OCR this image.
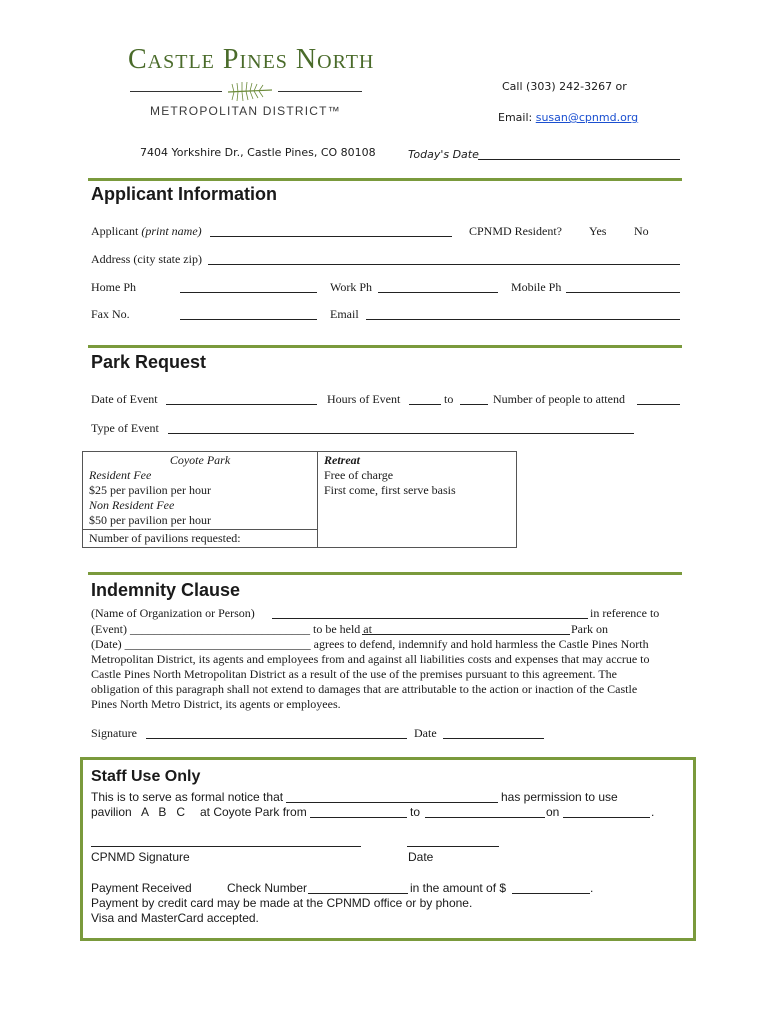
Castle Pines North
METROPOLITAN DISTRICT™
Call (303) 242-3267 or
Email: susan@cpnmd.org
7404 Yorkshire Dr., Castle Pines, CO 80108	Today's Date
Applicant Information
Applicant (print name)	CPNMD Resident? Yes No
Address (city state zip)
Home Ph	Work Ph	Mobile Ph
Fax No.	Email
Park Request
Date of Event	Hours of Event	to	Number of people to attend
Type of Event
Coyote Park
Resident Fee
$25 per pavilion per hour
Non Resident Fee
$50 per pavilion per hour

Retreat
Free of charge
First come, first serve basis

Number of pavilions requested:
Indemnity Clause
(Name of Organization or Person)	in reference to
(Event) ______________________________ to be held at	Park on
(Date) _______________________________ agrees to defend, indemnify and hold harmless the Castle Pines North
Metropolitan District, its agents and employees from and against all liabilities costs and expenses that may accrue to
Castle Pines North Metropolitan District as a result of the use of the premises pursuant to this agreement. The
obligation of this paragraph shall not extend to damages that are attributable to the action or inaction of the Castle
Pines North Metro District, its agents or employees.
Signature	Date
Staff Use Only
This is to serve as formal notice that	has permission to use
pavilion   A   B   C at Coyote Park from	to	on	.
CPNMD Signature	Date
Payment Received	Check Number	in the amount of $	.
Payment by credit card may be made at the CPNMD office or by phone.
Visa and MasterCard accepted.
